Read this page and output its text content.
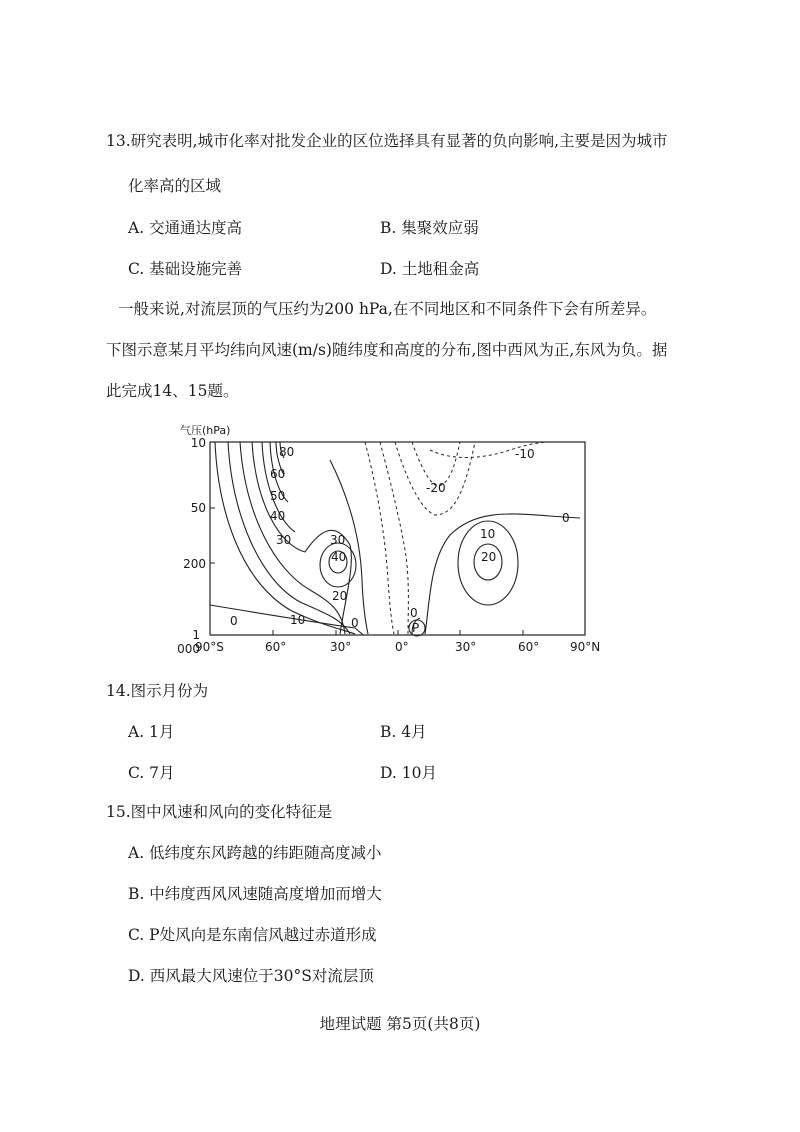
13.研究表明,城市化率对批发企业的区位选择具有显著的负向影响,主要是因为城市
化率高的区域
A. 交通通达度高	B. 集聚效应弱
C. 基础设施完善	D. 土地租金高
一般来说,对流层顶的气压约为200 hPa,在不同地区和不同条件下会有所差异。
下图示意某月平均纬向风速(m/s)随纬度和高度的分布,图中西风为正,东风为负。据
此完成14、15题。
气压(hPa)
10
50
200
1 000
90°S	60°	30°	0°	30°	60°	90°N
80
60
50
40
30	30
40
20
10
0	0
0
P
-10
-20
0
10
20
14.图示月份为
A. 1月	B. 4月
C. 7月	D. 10月
15.图中风速和风向的变化特征是
A. 低纬度东风跨越的纬距随高度减小
B. 中纬度西风风速随高度增加而增大
C. P处风向是东南信风越过赤道形成
D. 西风最大风速位于30°S对流层顶
地理试题 第5页(共8页)
